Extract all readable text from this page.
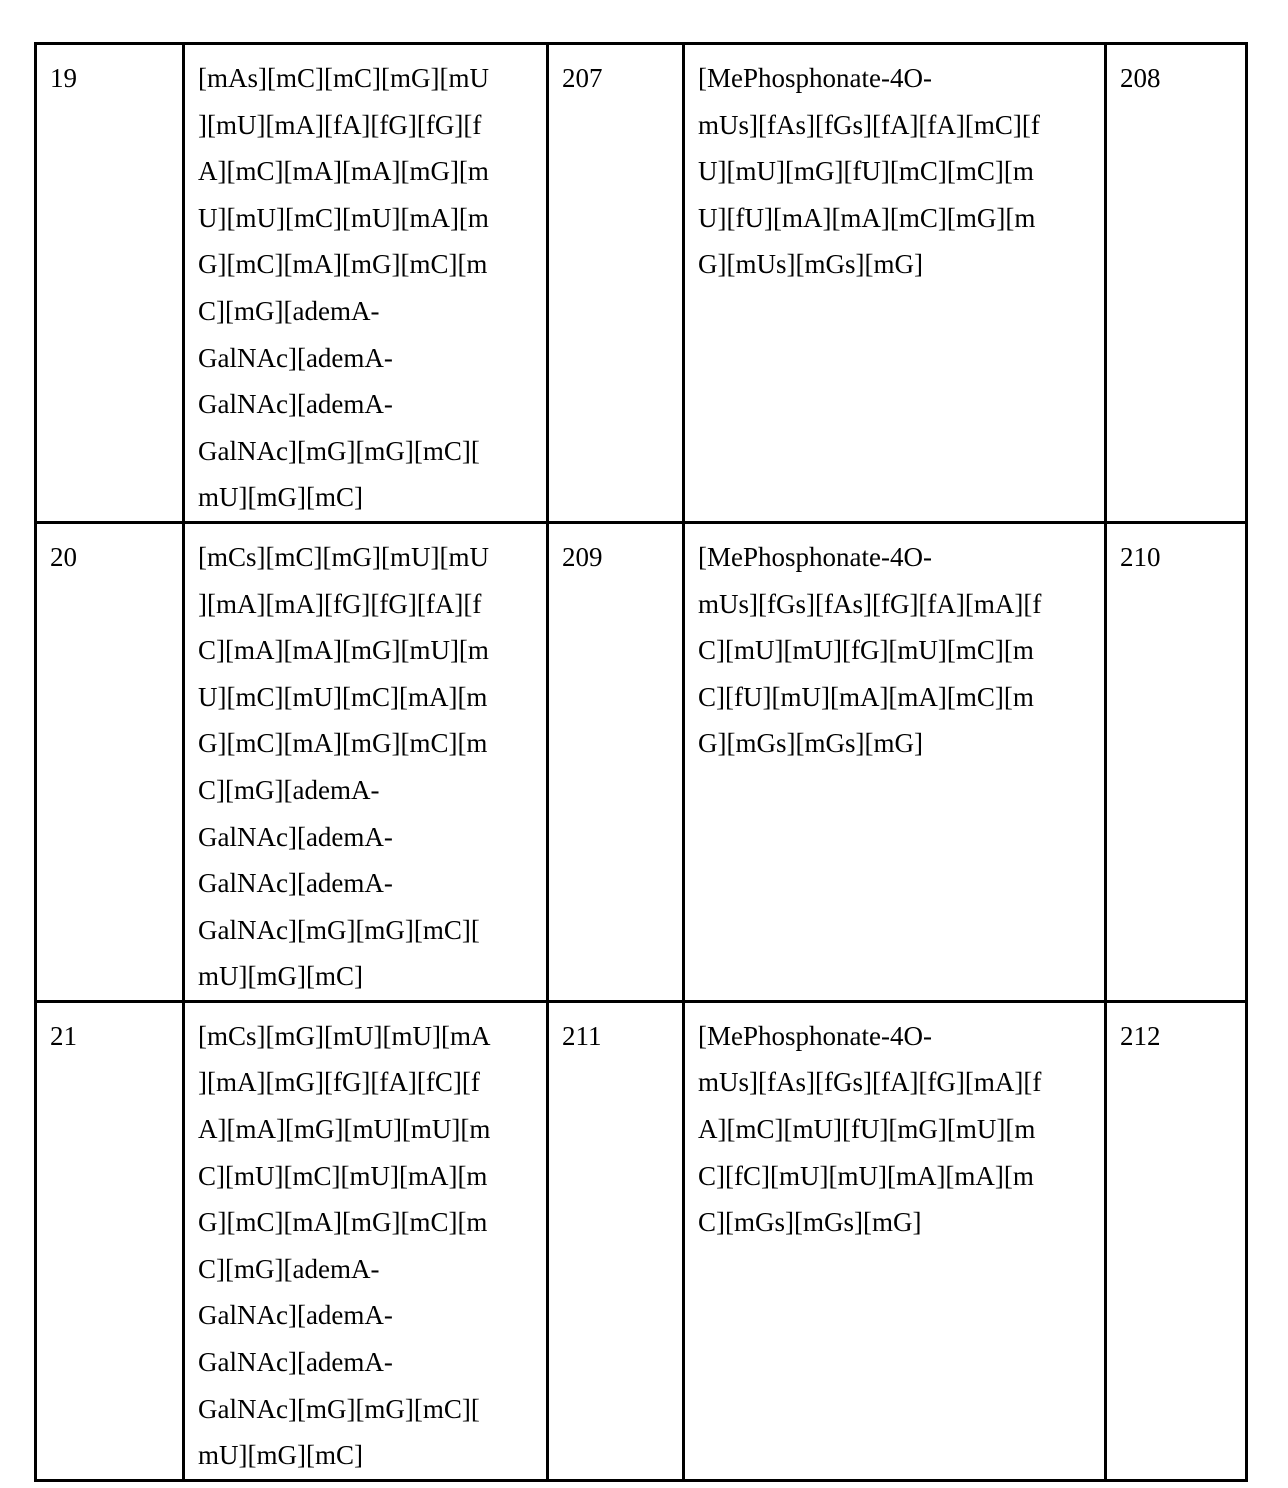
19	[mAs][mC][mC][mG][mU
][mU][mA][fA][fG][fG][f
A][mC][mA][mA][mG][m
U][mU][mC][mU][mA][m
G][mC][mA][mG][mC][m
C][mG][ademA-
GalNAc][ademA-
GalNAc][ademA-
GalNAc][mG][mG][mC][
mU][mG][mC]
	207	[MePhosphonate-4O-
mUs][fAs][fGs][fA][fA][mC][f
U][mU][mG][fU][mC][mC][m
U][fU][mA][mA][mC][mG][m
G][mUs][mGs][mG]
	208
20	[mCs][mC][mG][mU][mU
][mA][mA][fG][fG][fA][f
C][mA][mA][mG][mU][m
U][mC][mU][mC][mA][m
G][mC][mA][mG][mC][m
C][mG][ademA-
GalNAc][ademA-
GalNAc][ademA-
GalNAc][mG][mG][mC][
mU][mG][mC]
	209	[MePhosphonate-4O-
mUs][fGs][fAs][fG][fA][mA][f
C][mU][mU][fG][mU][mC][m
C][fU][mU][mA][mA][mC][m
G][mGs][mGs][mG]
	210
21	[mCs][mG][mU][mU][mA
][mA][mG][fG][fA][fC][f
A][mA][mG][mU][mU][m
C][mU][mC][mU][mA][m
G][mC][mA][mG][mC][m
C][mG][ademA-
GalNAc][ademA-
GalNAc][ademA-
GalNAc][mG][mG][mC][
mU][mG][mC]
	211	[MePhosphonate-4O-
mUs][fAs][fGs][fA][fG][mA][f
A][mC][mU][fU][mG][mU][m
C][fC][mU][mU][mA][mA][m
C][mGs][mGs][mG]
	212
